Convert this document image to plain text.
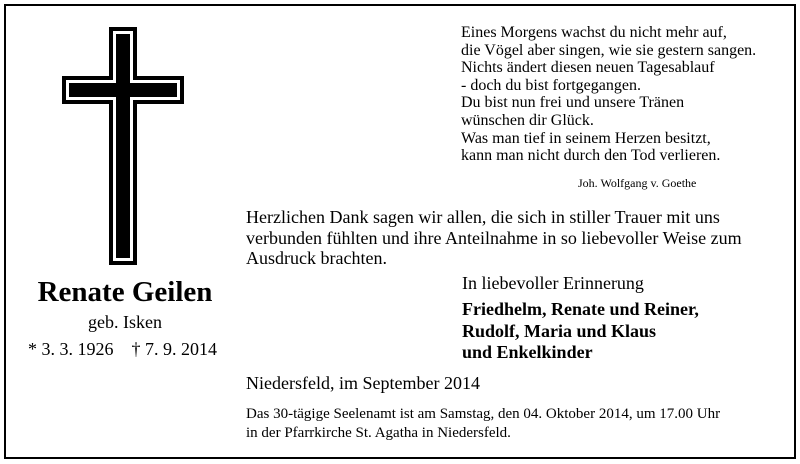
Renate Geilen
geb. Isken
* 3. 3. 1926 † 7. 9. 2014
Eines Morgens wachst du nicht mehr auf,
die Vögel aber singen, wie sie gestern sangen.
Nichts ändert diesen neuen Tagesablauf
- doch du bist fortgegangen.
Du bist nun frei und unsere Tränen
wünschen dir Glück.
Was man tief in seinem Herzen besitzt,
kann man nicht durch den Tod verlieren.
Joh. Wolfgang v. Goethe
Herzlichen Dank sagen wir allen, die sich in stiller Trauer mit uns
verbunden fühlten und ihre Anteilnahme in so liebevoller Weise zum
Ausdruck brachten.
In liebevoller Erinnerung
Friedhelm, Renate und Reiner,
Rudolf, Maria und Klaus
und Enkelkinder
Niedersfeld, im September 2014
Das 30-tägige Seelenamt ist am Samstag, den 04. Oktober 2014, um 17.00 Uhr
in der Pfarrkirche St. Agatha in Niedersfeld.
